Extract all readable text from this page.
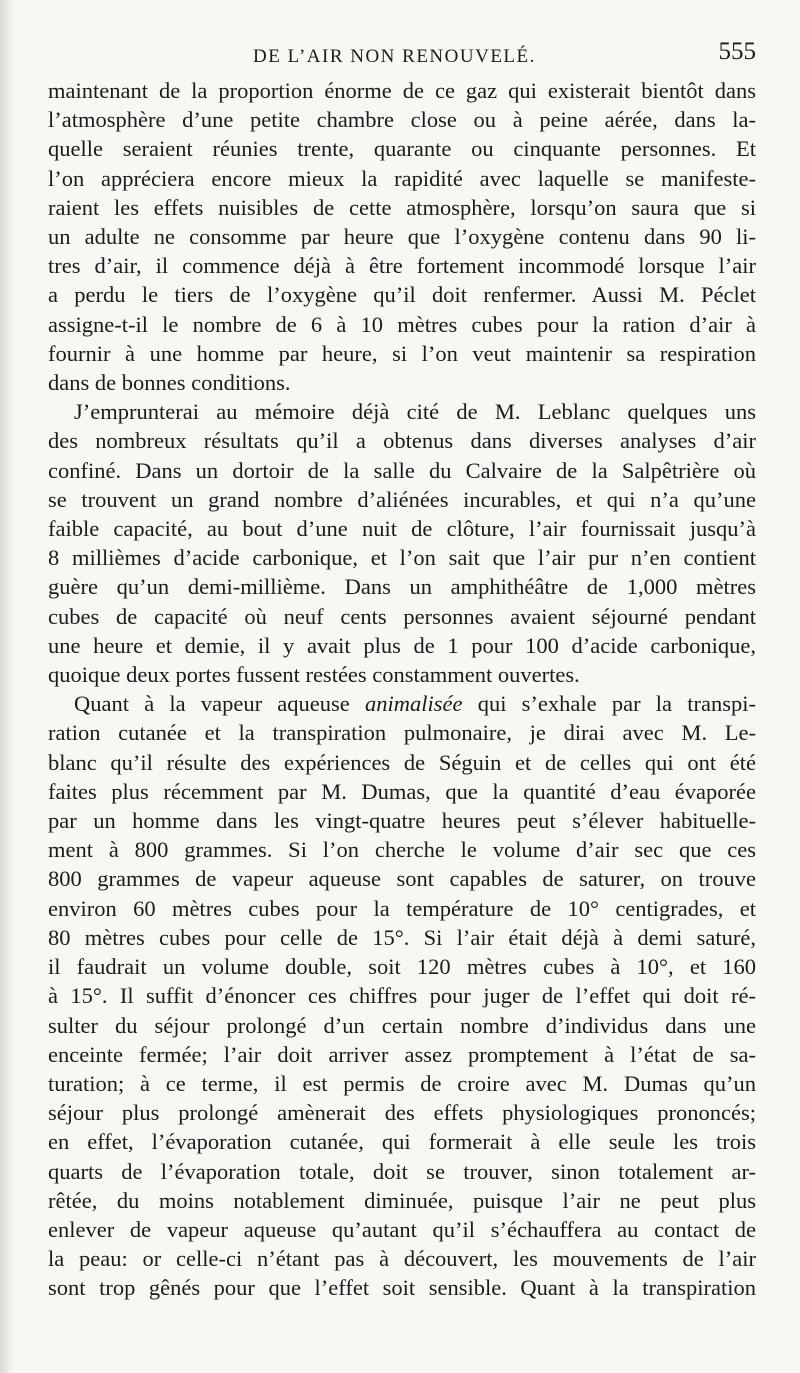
DE L’AIR NON RENOUVELÉ.	555

maintenant de la proportion énorme de ce gaz qui existerait bientôt dans
l’atmosphère d’une petite chambre close ou à peine aérée, dans la-
quelle seraient réunies trente, quarante ou cinquante personnes. Et
l’on appréciera encore mieux la rapidité avec laquelle se manifeste-
raient les effets nuisibles de cette atmosphère, lorsqu’on saura que si
un adulte ne consomme par heure que l’oxygène contenu dans 90 li-
tres d’air, il commence déjà à être fortement incommodé lorsque l’air
a perdu le tiers de l’oxygène qu’il doit renfermer. Aussi M. Péclet
assigne-t-il le nombre de 6 à 10 mètres cubes pour la ration d’air à
fournir à une homme par heure, si l’on veut maintenir sa respiration
dans de bonnes conditions.

J’emprunterai au mémoire déjà cité de M. Leblanc quelques uns
des nombreux résultats qu’il a obtenus dans diverses analyses d’air
confiné. Dans un dortoir de la salle du Calvaire de la Salpêtrière où
se trouvent un grand nombre d’aliénées incurables, et qui n’a qu’une
faible capacité, au bout d’une nuit de clôture, l’air fournissait jusqu’à
8 millièmes d’acide carbonique, et l’on sait que l’air pur n’en contient
guère qu’un demi-millième. Dans un amphithéâtre de 1,000 mètres
cubes de capacité où neuf cents personnes avaient séjourné pendant
une heure et demie, il y avait plus de 1 pour 100 d’acide carbonique,
quoique deux portes fussent restées constamment ouvertes.

Quant à la vapeur aqueuse animalisée qui s’exhale par la transpi-
ration cutanée et la transpiration pulmonaire, je dirai avec M. Le-
blanc qu’il résulte des expériences de Séguin et de celles qui ont été
faites plus récemment par M. Dumas, que la quantité d’eau évaporée
par un homme dans les vingt-quatre heures peut s’élever habituelle-
ment à 800 grammes. Si l’on cherche le volume d’air sec que ces
800 grammes de vapeur aqueuse sont capables de saturer, on trouve
environ 60 mètres cubes pour la température de 10° centigrades, et
80 mètres cubes pour celle de 15°. Si l’air était déjà à demi saturé,
il faudrait un volume double, soit 120 mètres cubes à 10°, et 160
à 15°. Il suffit d’énoncer ces chiffres pour juger de l’effet qui doit ré-
sulter du séjour prolongé d’un certain nombre d’individus dans une
enceinte fermée; l’air doit arriver assez promptement à l’état de sa-
turation; à ce terme, il est permis de croire avec M. Dumas qu’un
séjour plus prolongé amènerait des effets physiologiques prononcés;
en effet, l’évaporation cutanée, qui formerait à elle seule les trois
quarts de l’évaporation totale, doit se trouver, sinon totalement ar-
rêtée, du moins notablement diminuée, puisque l’air ne peut plus
enlever de vapeur aqueuse qu’autant qu’il s’échauffera au contact de
la peau: or celle-ci n’étant pas à découvert, les mouvements de l’air
sont trop gênés pour que l’effet soit sensible. Quant à la transpiration
